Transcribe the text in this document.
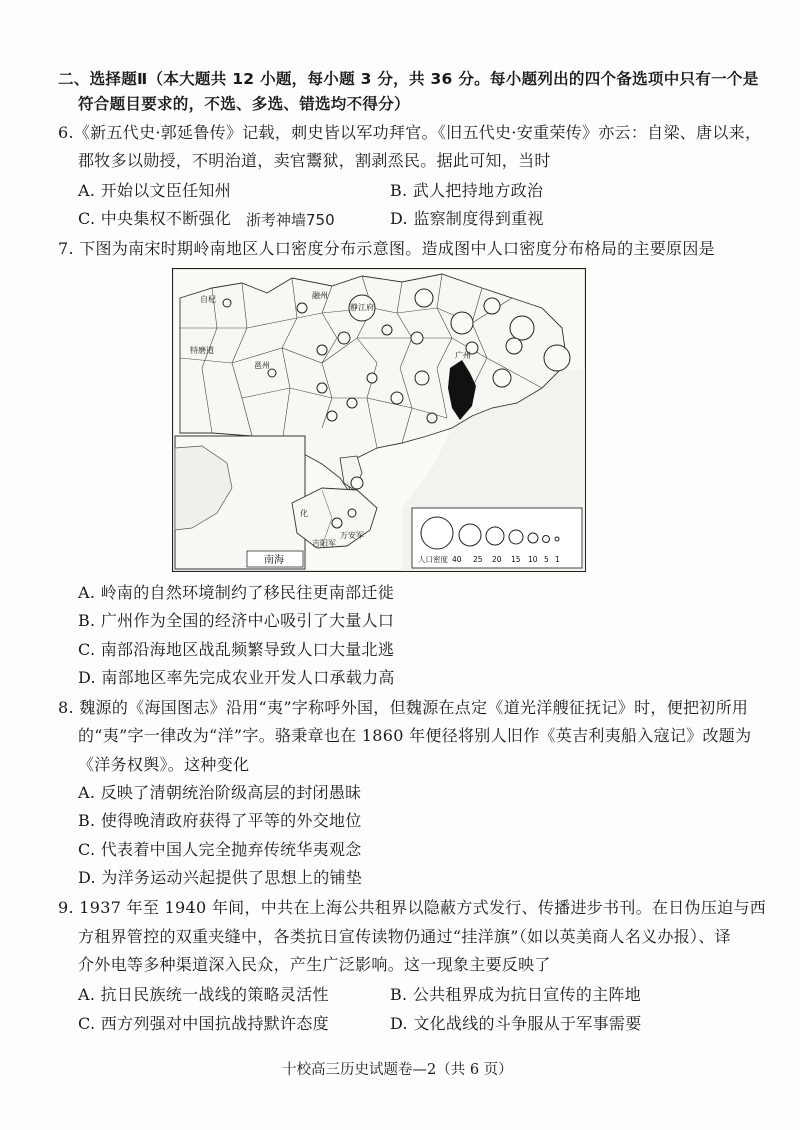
二、选择题Ⅱ（本大题共 12 小题，每小题 3 分，共 36 分。每小题列出的四个备选项中只有一个是
符合题目要求的，不选、多选、错选均不得分）
6.《新五代史·郭延鲁传》记载，刺史皆以军功拜官。《旧五代史·安重荣传》亦云：自梁、唐以来，
郡牧多以勋授，不明治道，卖官鬻狱，割剥烝民。据此可知，当时
A. 开始以文臣任知州	B. 武人把持地方政治
C. 中央集权不断强化 浙考神墙750	D. 监察制度得到重视
7. 下图为南宋时期岭南地区人口密度分布示意图。造成图中人口密度分布格局的主要原因是
南海
自杞
特磨道
邕州
静江府
融州
广州
吉阳军
万安军
化
人口密度 40 25 20 15 10 5 1
A. 岭南的自然环境制约了移民往更南部迁徙
B. 广州作为全国的经济中心吸引了大量人口
C. 南部沿海地区战乱频繁导致人口大量北逃
D. 南部地区率先完成农业开发人口承载力高
8. 魏源的《海国图志》沿用“夷”字称呼外国，但魏源在点定《道光洋艘征抚记》时，便把初所用
的“夷”字一律改为“洋”字。骆秉章也在 1860 年便径将别人旧作《英吉利夷船入寇记》改题为
《洋务权舆》。这种变化
A. 反映了清朝统治阶级高层的封闭愚昧
B. 使得晚清政府获得了平等的外交地位
C. 代表着中国人完全抛弃传统华夷观念
D. 为洋务运动兴起提供了思想上的铺垫
9. 1937 年至 1940 年间，中共在上海公共租界以隐蔽方式发行、传播进步书刊。在日伪压迫与西
方租界管控的双重夹缝中，各类抗日宣传读物仍通过“挂洋旗”（如以英美商人名义办报）、译
介外电等多种渠道深入民众，产生广泛影响。这一现象主要反映了
A. 抗日民族统一战线的策略灵活性	B. 公共租界成为抗日宣传的主阵地
C. 西方列强对中国抗战持默许态度	D. 文化战线的斗争服从于军事需要
十校高三历史试题卷—2（共 6 页）
